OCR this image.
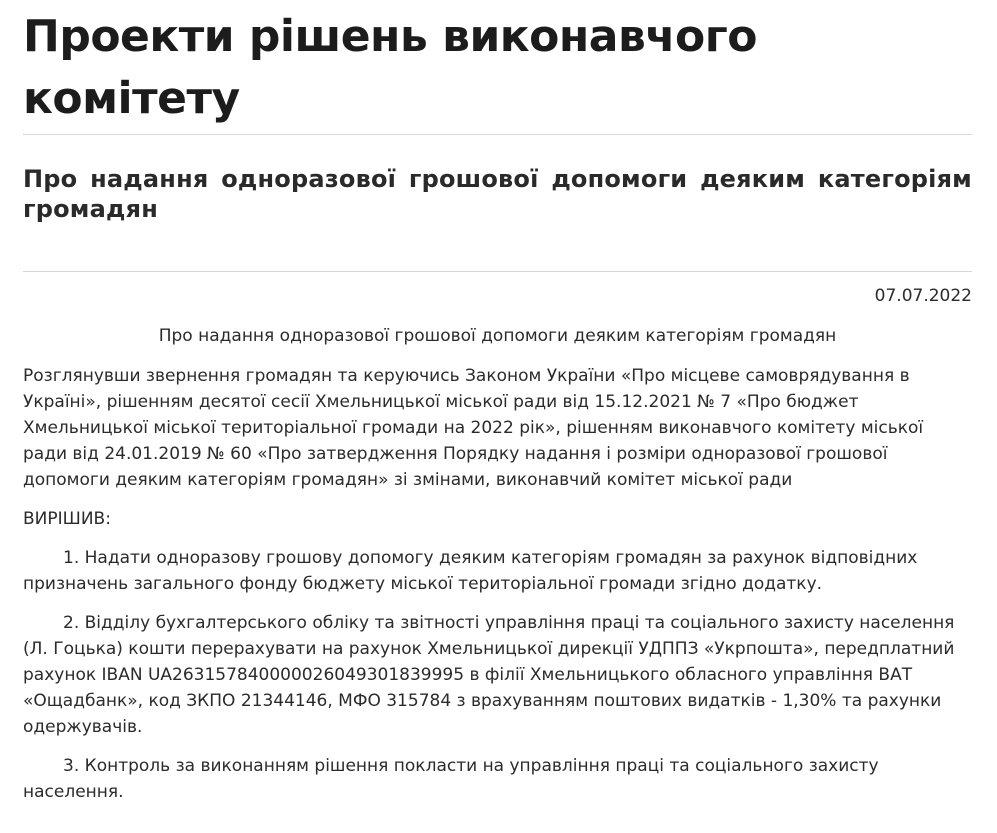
Проекти рішень виконавчого комітету
Про надання одноразової грошової допомоги деяким категоріям громадян

07.07.2022

Про надання одноразової грошової допомоги деяким категоріям громадян

Розглянувши звернення громадян та керуючись Законом України «Про місцеве самоврядування в Україні», рішенням десятої сесії Хмельницької міської ради від 15.12.2021 № 7 «Про бюджет Хмельницької міської територіальної громади на 2022 рік», рішенням виконавчого комітету міської ради від 24.01.2019 № 60 «Про затвердження Порядку надання і розміри одноразової грошової допомоги деяким категоріям громадян» зі змінами, виконавчий комітет міської ради

ВИРІШИВ:

1. Надати одноразову грошову допомогу деяким категоріям громадян за рахунок відповідних призначень загального фонду бюджету міської територіальної громади згідно додатку.

2. Відділу бухгалтерського обліку та звітності управління праці та соціального захисту населення (Л. Гоцька) кошти перерахувати на рахунок Хмельницької дирекції УДППЗ «Укрпошта», передплатний рахунок IBAN UA263157840000026049301839995 в філії Хмельницького обласного управління ВАТ «Ощадбанк», код ЗКПО 21344146, МФО 315784 з врахуванням поштових видатків - 1,30% та рахунки одержувачів.

3. Контроль за виконанням рішення покласти на управління праці та соціального захисту населення.
